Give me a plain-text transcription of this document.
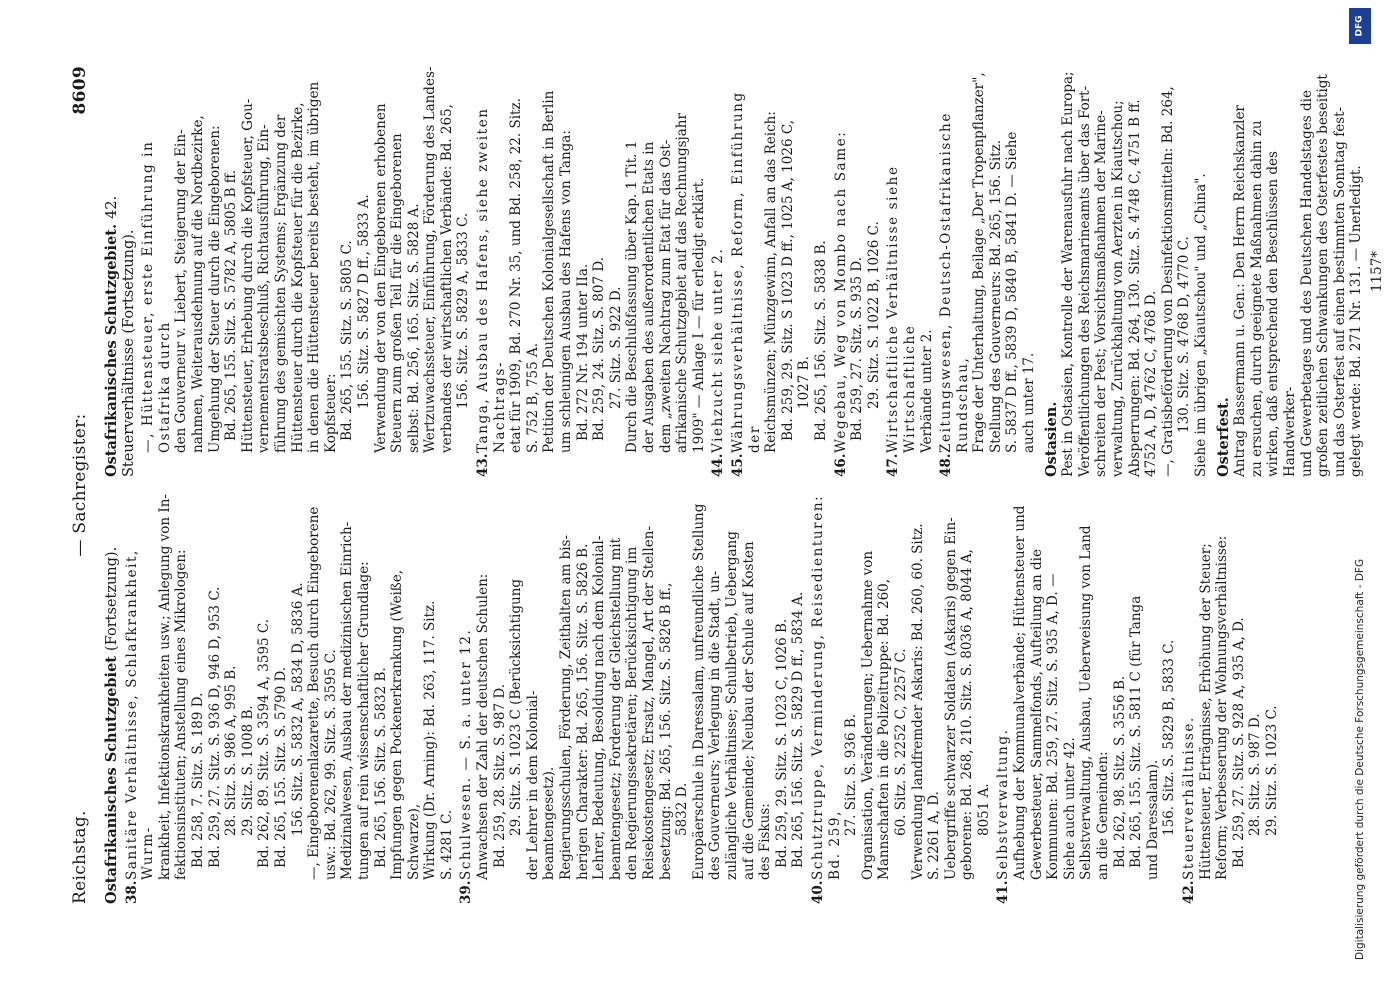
Reichstag.
— Sachregister:
8609
Ostafrikanisches Schutzgebiet (Fortsetzung).
38.
Sanitäre Verhältnisse, Schlafkrankheit, Wurm- krankheit, Infektionskrankheiten usw.; Anlegung von In- fektionsinstituten; Anstellung eines Mikrologen: Bd. 258, 7. Sitz. S. 189 D. Bd. 259, 27. Sitz. S. 936 D, 946 D, 953 C. 28. Sitz. S. 986 A, 995 B. 29. Sitz. S. 1008 B. Bd. 262, 89. Sitz. S. 3594 A, 3595 C. Bd. 265, 155. Sitz. S. 5790 D. 156. Sitz. S. 5832 A, 5834 D, 5836 A. —, Eingeborenenlazarette, Besuch durch Eingeborene usw.: Bd. 262, 99. Sitz. S. 3595 C. Medizinalwesen, Ausbau der medizinischen Einrich- tungen auf rein wissenschaftlicher Grundlage: Bd. 265, 156. Sitz. S. 5832 B. Impfungen gegen Pockenerkrankung (Weiße, Schwarze), Wirkung (Dr. Arning): Bd. 263, 117. Sitz. S. 4281 C.
39.
Schulwesen. — S. a. unter 12. Anwachsen der Zahl der deutschen Schulen: Bd. 259, 28. Sitz. S. 987 D. 29. Sitz. S. 1023 C (Berücksichtigung der Lehrer in dem Kolonial- beamtengesetz). Regierungsschulen, Förderung, Zeithalten am bis- herigen Charakter: Bd. 265, 156. Sitz. S. 5826 B. Lehrer, Bedeutung, Besoldung nach dem Kolonial- beamtengesetz; Forderung der Gleichstellung mit den Regierungssekretären; Berücksichtigung im Reisekostengesetz; Ersatz, Mangel, Art der Stellen- besetzung: Bd. 265, 156. Sitz. S. 5826 B ff., 5832 D. Europäerschule in Daressalam, unfreundliche Stellung des Gouverneurs; Verlegung in die Stadt, un- zulängliche Verhältnisse; Schulbetrieb, Uebergang auf die Gemeinde; Neubau der Schule auf Kosten des Fiskus: Bd. 259, 29. Sitz. S. 1023 C, 1026 B. Bd. 265, 156. Sitz. S. 5829 D ff., 5834 A.
40.
Schutztruppe, Verminderung, Reisedienturen: Bd. 259,
27. Sitz. S. 936 B. Organisation, Veränderungen; Uebernahme von Mannschaften in die Polizeitruppe: Bd. 260, 60. Sitz. S. 2252 C, 2257 C. Verwendung landfremder Askaris: Bd. 260, 60. Sitz. S. 2261 A, D. Uebergriffe schwarzer Soldaten (Askaris) gegen Ein- geborene: Bd. 268, 210. Sitz. S. 8036 A, 8044 A, 8051 A.
41.
Selbstverwaltung. Aufhebung der Kommunalverbände; Hüttensteuer und Gewerbesteuer, Sammelfonds, Aufteilung an die Kommunen: Bd. 259, 27. Sitz. S. 935 A, D. — Siehe auch unter 42. Selbstverwaltung, Ausbau, Ueberweisung von Land an die Gemeinden: Bd. 262, 98. Sitz. S. 3556 B. Bd. 265, 155. Sitz. S. 5811 C (für Tanga und Daressalam). 156. Sitz. S. 5829 B, 5833 C.
42.
Steuerverhältnisse. Hüttensteuer, Erträgnisse, Erhöhung der Steuer; Reform; Verbesserung der Wohnungsverhältnisse: Bd. 259, 27. Sitz. S. 928 A, 935 A, D. 28. Sitz. S. 987 D. 29. Sitz. S. 1023 C.
Ostafrikanisches Schutzgebiet. 42. Steuerverhältnisse (Fortsetzung). —, Hüttensteuer, erste Einführung in Ostafrika durch den Gouverneur v. Liebert, Steigerung der Ein- nahmen, Weiterausdehnung auf die Nordbezirke, Umgehung der Steuer durch die Eingeborenen: Bd. 265, 155. Sitz. S. 5782 A, 5805 B ff. Hüttensteuer, Erhebung durch die Kopfsteuer, Gou- vernementsratsbeschluß, Richtausführung, Ein- führung des gemischten Systems; Ergänzung der Hüttensteuer durch die Kopfsteuer für die Bezirke, in denen die Hüttensteuer bereits besteht, im übrigen Kopfsteuer: Bd. 265, 155. Sitz. S. 5805 C. 156. Sitz. S. 5827 D ff., 5833 A. Verwendung der von den Eingeborenen erhobenen Steuern zum großen Teil für die Eingeborenen selbst: Bd. 256, 165. Sitz. S. 5828 A. Wertzuwachssteuer, Einführung, Förderung des Landes- verbandes der wirtschaftlichen Verbände: Bd. 265, 156. Sitz. S. 5829 A, 5833 C.
43.
Tanga, Ausbau des Hafens, siehe zweiten Nachtrags- etat für 1909, Bd. 270 Nr. 35, und Bd. 258, 22. Sitz. S. 752 B, 755 A. Petition der Deutschen Kolonialgesellschaft in Berlin um schleunigen Ausbau des Hafens von Tanga: Bd. 272 Nr. 194 unter IIa. Bd. 259, 24. Sitz. S. 807 D. 27. Sitz. S. 922 D. Durch die Beschlußfassung über Kap. 1 Tit. 1 der Ausgaben des außerordentlichen Etats in dem „zweiten Nachtrag zum Etat für das Ost- afrikanische Schutzgebiet auf das Rechnungsjahr 1909" — Anlage I — für erledigt erklärt.
44.
Viehzucht siehe unter 2.
45.
Währungsverhältnisse, Reform, Einführung der Reichsmünzen; Münzgewinn, Anfall an das Reich: Bd. 259, 29. Sitz. S 1023 D ff., 1025 A, 1026 C, 1027 B. Bd. 265, 156. Sitz. S. 5838 B.
46.
Wegebau, Weg von Mombo nach Same: Bd. 259, 27. Sitz. S. 935 D. 29. Sitz. S. 1022 B, 1026 C.
47.
Wirtschaftliche Verhältnisse siehe Wirtschaftliche Verbände unter 2.
48.
Zeitungswesen, Deutsch-Ostafrikanische Rundschau, Frage der Unterhaltung, Beilage „Der Tropenpflanzer", Stellung des Gouverneurs: Bd. 265, 156. Sitz. S. 5837 D ff., 5839 D, 5840 B, 5841 D. — Siehe auch unter 17. Ostasien. Pest in Ostasien, Kontrolle der Warenausfuhr nach Europa; Veröffentlichungen des Reichsmarineamts über das Fort- schreiten der Pest; Vorsichtsmaßnahmen der Marine- verwaltung, Zurückhaltung von Aerzten in Kiautschou; Absperrungen: Bd. 264, 130. Sitz. S. 4748 C, 4751 B ff. 4752 A, D, 4762 C, 4768 D. —, Gratisbeförderung von Desinfektionsmitteln: Bd. 264, 130. Sitz. S. 4768 D, 4770 C. Siehe im übrigen „Kiautschou" und „China". Osterfest. Antrag Bassermann u. Gen.: Den Herrn Reichskanzler zu ersuchen, durch geeignete Maßnahmen dahin zu wirken, daß entsprechend den Beschlüssen des Handwerker- und Gewerbetages und des Deutschen Handelstages die großen zeitlichen Schwankungen des Osterfestes beseitigt und das Osterfest auf einen bestimmten Sonntag fest- gelegt werde: Bd. 271 Nr. 131. — Unerledigt. 1157*
Digitalisierung gefördert durch die Deutsche Forschungsgemeinschaft - DFG
DFG
